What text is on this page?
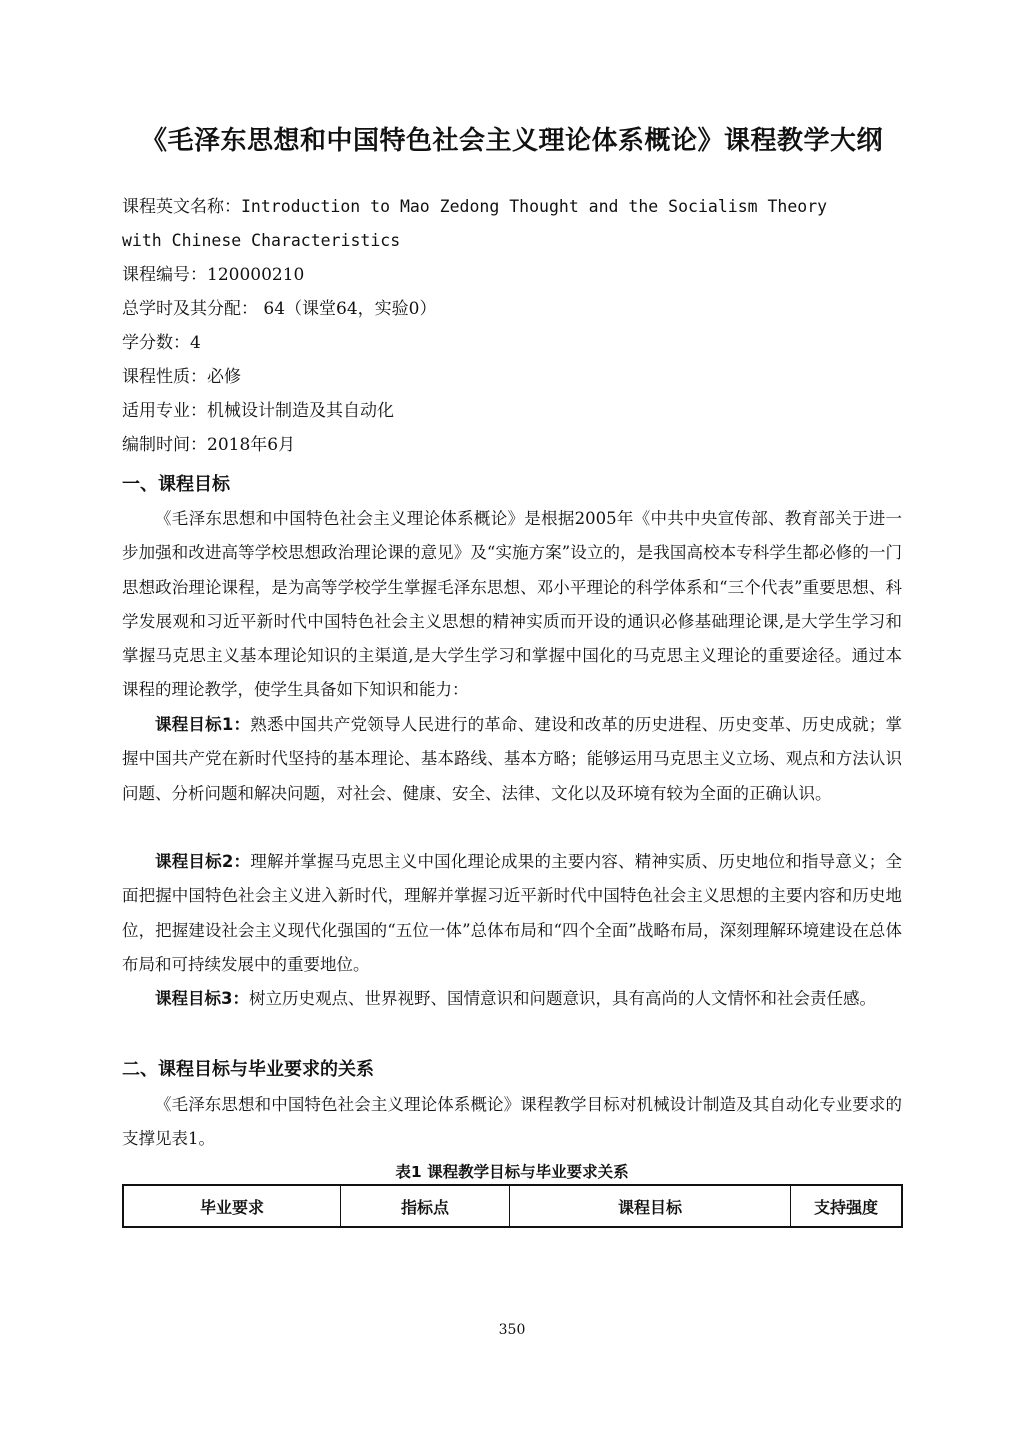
《毛泽东思想和中国特色社会主义理论体系概论》课程教学大纲
课程英文名称：Introduction to Mao Zedong Thought and the Socialism Theory
with Chinese Characteristics
课程编号：120000210
总学时及其分配： 64（课堂64，实验0）
学分数：4
课程性质：必修
适用专业：机械设计制造及其自动化
编制时间：2018年6月
一、课程目标

《毛泽东思想和中国特色社会主义理论体系概论》是根据2005年《中共中央宣传部、教育部关于进一步加强和改进高等学校思想政治理论课的意见》及“实施方案”设立的，是我国高校本专科学生都必修的一门思想政治理论课程，是为高等学校学生掌握毛泽东思想、邓小平理论的科学体系和“三个代表”重要思想、科学发展观和习近平新时代中国特色社会主义思想的精神实质而开设的通识必修基础理论课,是大学生学习和掌握马克思主义基本理论知识的主渠道,是大学生学习和掌握中国化的马克思主义理论的重要途径。通过本课程的理论教学，使学生具备如下知识和能力：

课程目标1：熟悉中国共产党领导人民进行的革命、建设和改革的历史进程、历史变革、历史成就；掌握中国共产党在新时代坚持的基本理论、基本路线、基本方略；能够运用马克思主义立场、观点和方法认识问题、分析问题和解决问题，对社会、健康、安全、法律、文化以及环境有较为全面的正确认识。

课程目标2：理解并掌握马克思主义中国化理论成果的主要内容、精神实质、历史地位和指导意义；全面把握中国特色社会主义进入新时代，理解并掌握习近平新时代中国特色社会主义思想的主要内容和历史地位，把握建设社会主义现代化强国的“五位一体”总体布局和“四个全面”战略布局，深刻理解环境建设在总体布局和可持续发展中的重要地位。

课程目标3：树立历史观点、世界视野、国情意识和问题意识，具有高尚的人文情怀和社会责任感。

二、课程目标与毕业要求的关系

《毛泽东思想和中国特色社会主义理论体系概论》课程教学目标对机械设计制造及其自动化专业要求的支撑见表1。

表1 课程教学目标与毕业要求关系
毕业要求	指标点	课程目标	支持强度
350
